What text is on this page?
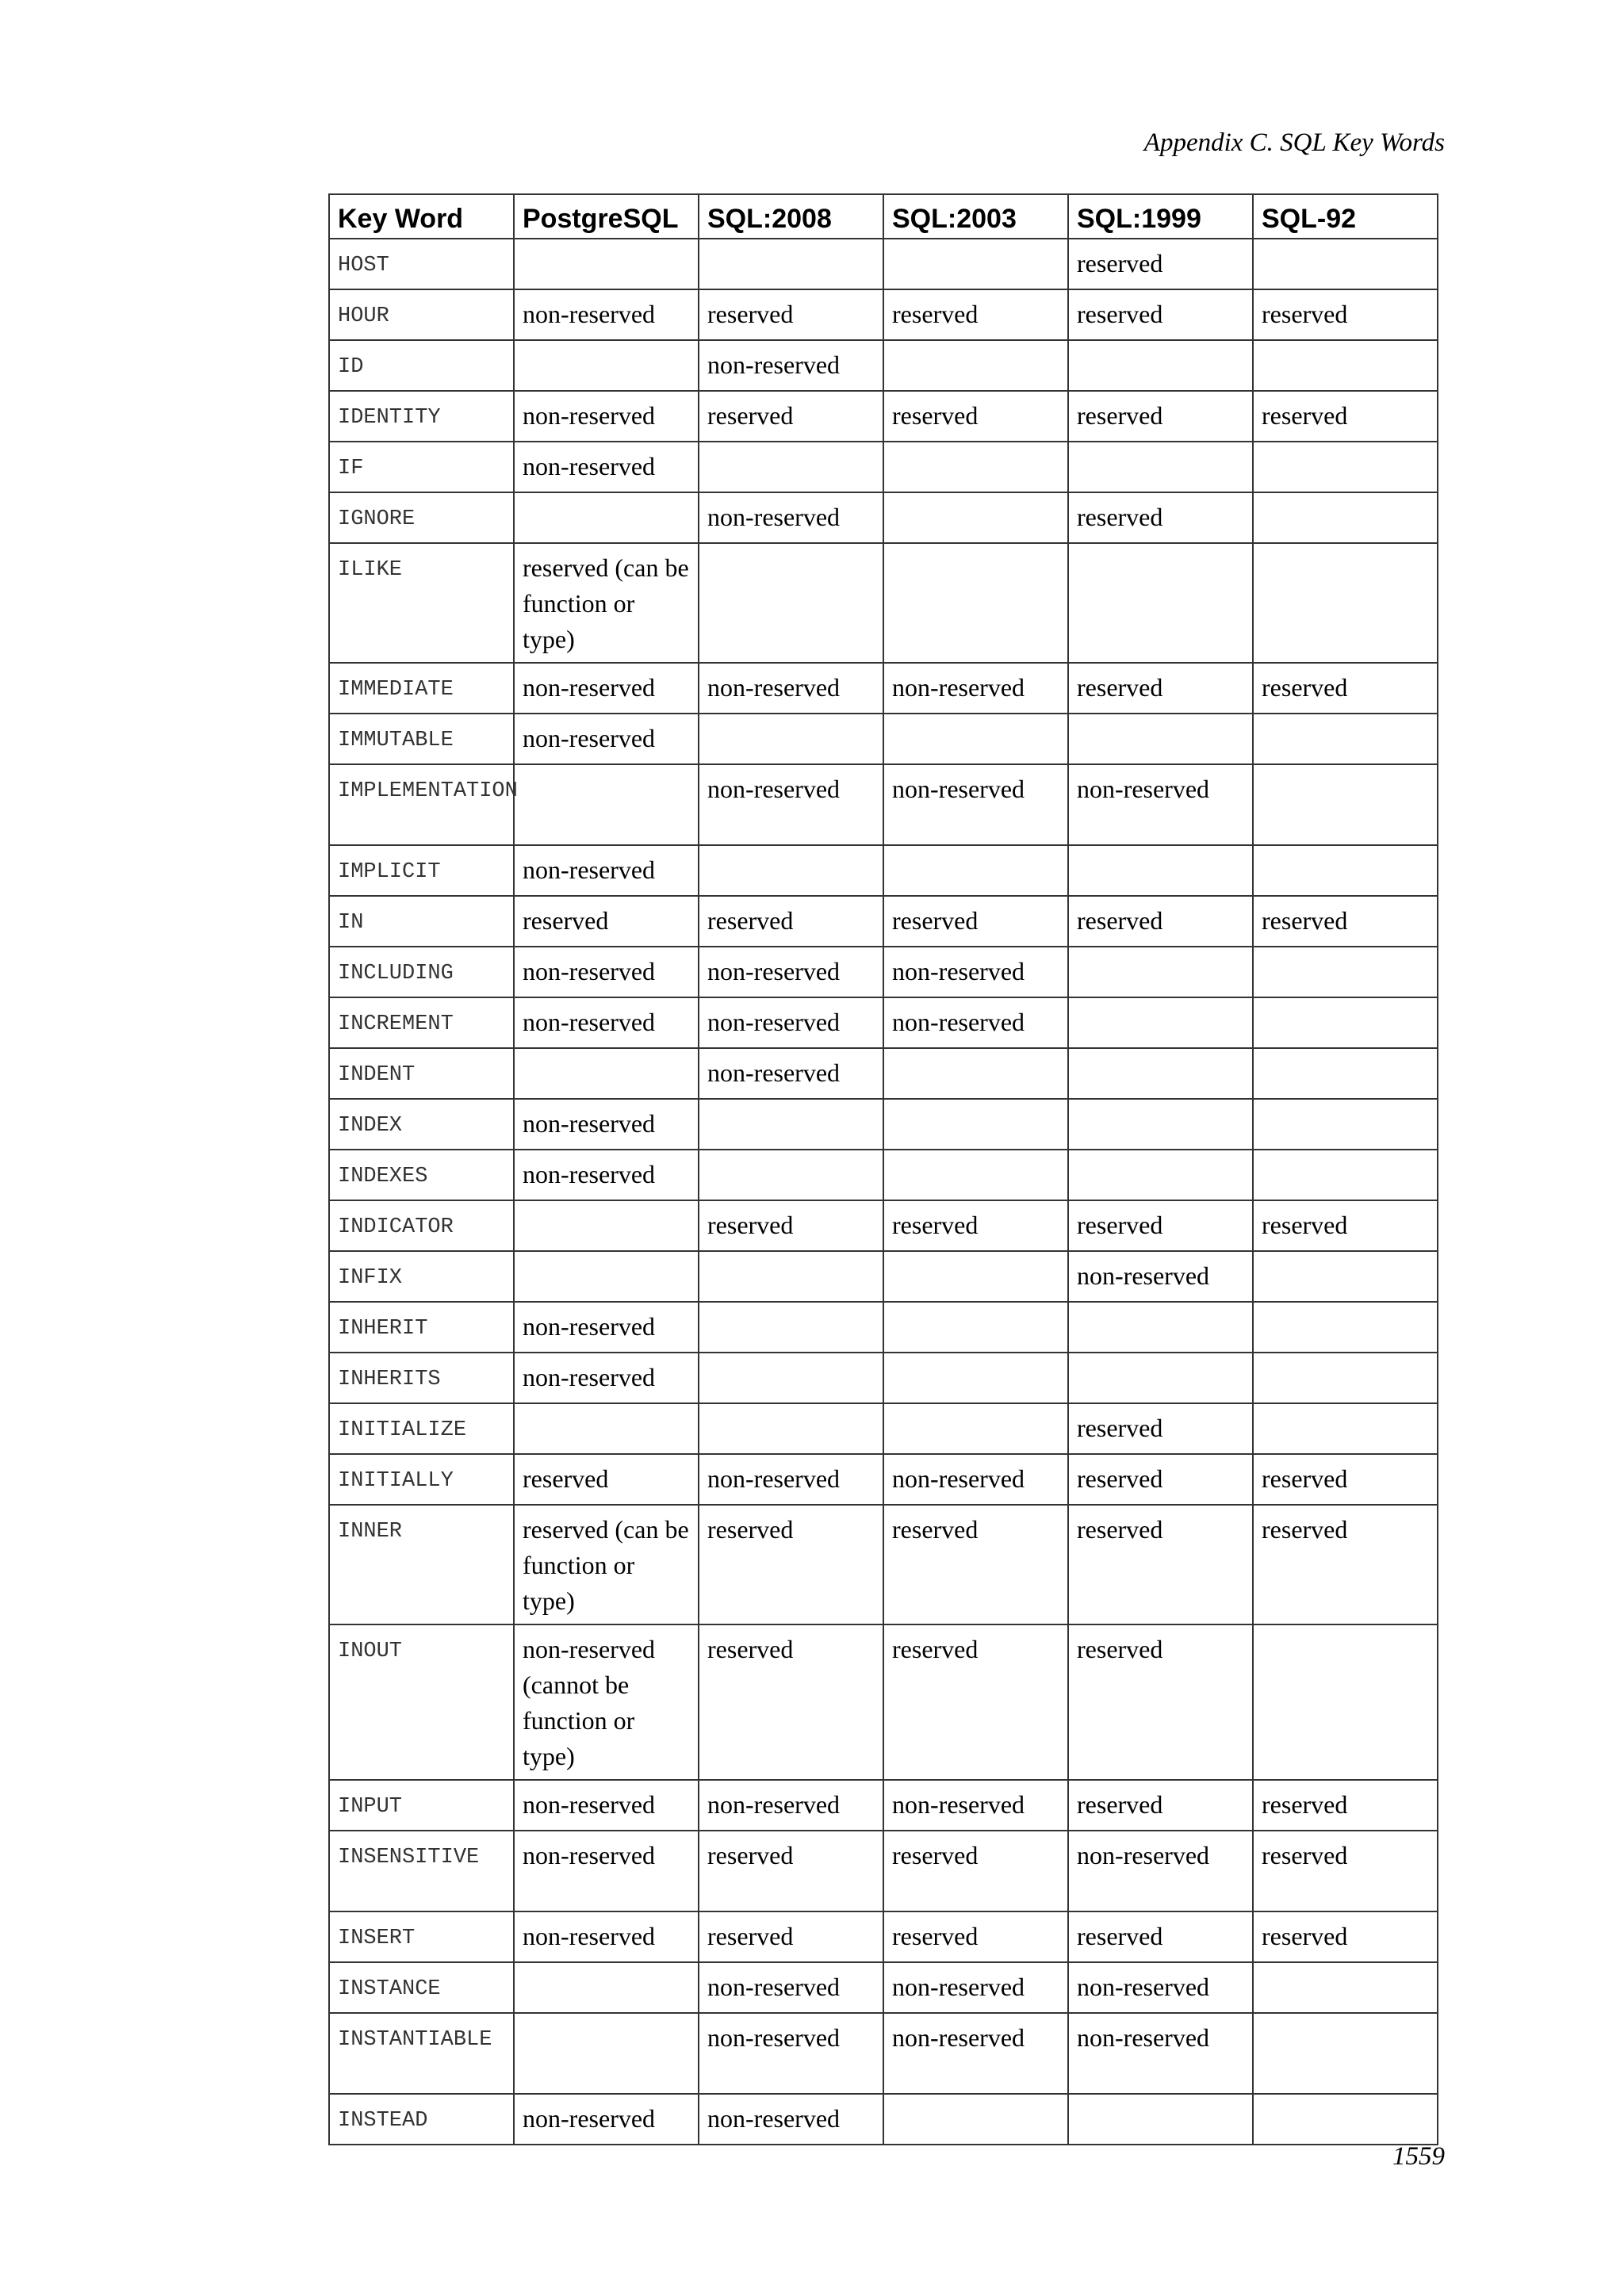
Appendix C. SQL Key Words
Key Word	PostgreSQL	SQL:2008	SQL:2003	SQL:1999	SQL-92
HOST				reserved	
HOUR	non-reserved	reserved	reserved	reserved	reserved
ID		non-reserved			
IDENTITY	non-reserved	reserved	reserved	reserved	reserved
IF	non-reserved				
IGNORE		non-reserved		reserved	
ILIKE	reserved (can be function or type)				
IMMEDIATE	non-reserved	non-reserved	non-reserved	reserved	reserved
IMMUTABLE	non-reserved				
IMPLEMENTATION		non-reserved	non-reserved	non-reserved	
IMPLICIT	non-reserved				
IN	reserved	reserved	reserved	reserved	reserved
INCLUDING	non-reserved	non-reserved	non-reserved		
INCREMENT	non-reserved	non-reserved	non-reserved		
INDENT		non-reserved			
INDEX	non-reserved				
INDEXES	non-reserved				
INDICATOR		reserved	reserved	reserved	reserved
INFIX				non-reserved	
INHERIT	non-reserved				
INHERITS	non-reserved				
INITIALIZE				reserved	
INITIALLY	reserved	non-reserved	non-reserved	reserved	reserved
INNER	reserved (can be function or type)	reserved	reserved	reserved	reserved
INOUT	non-reserved (cannot be function or type)	reserved	reserved	reserved	
INPUT	non-reserved	non-reserved	non-reserved	reserved	reserved
INSENSITIVE	non-reserved	reserved	reserved	non-reserved	reserved
INSERT	non-reserved	reserved	reserved	reserved	reserved
INSTANCE		non-reserved	non-reserved	non-reserved	
INSTANTIABLE		non-reserved	non-reserved	non-reserved	
INSTEAD	non-reserved	non-reserved			
1559
